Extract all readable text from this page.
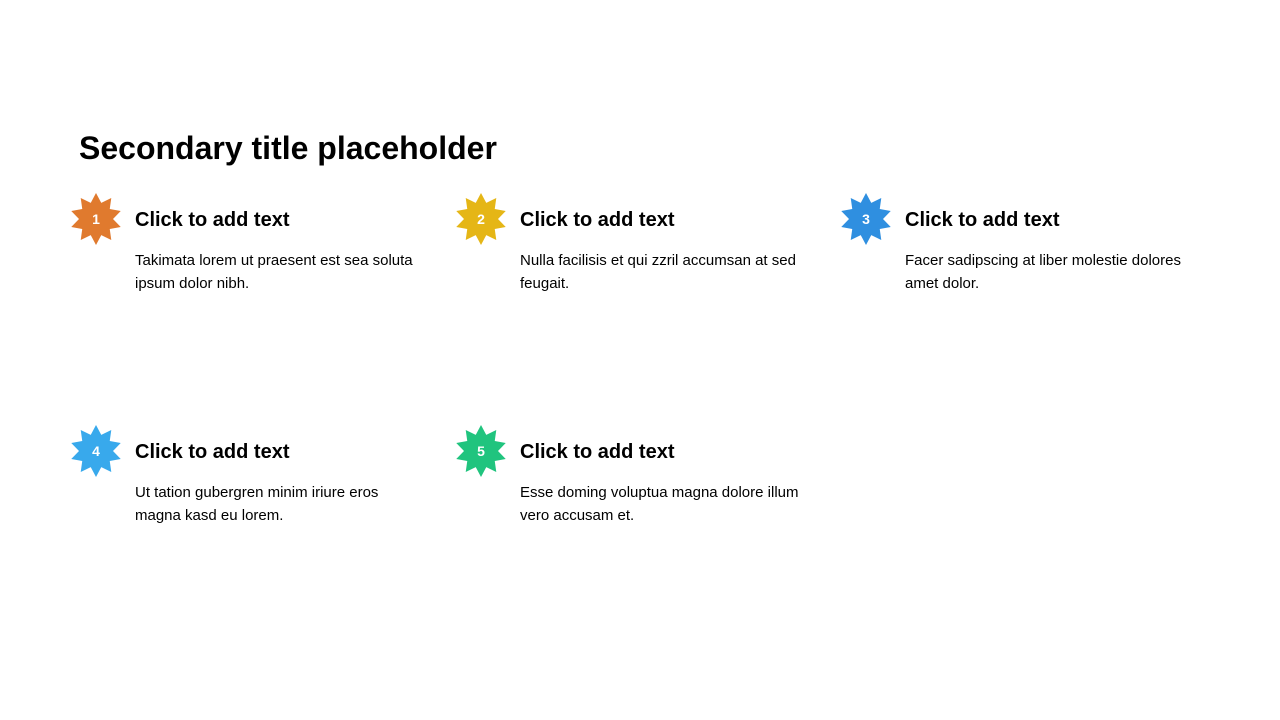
Secondary title placeholder
1	Click to add text
Takimata lorem ut praesent est sea soluta ipsum dolor nibh.
2	Click to add text
Nulla facilisis et qui zzril accumsan at sed feugait.
3	Click to add text
Facer sadipscing at liber molestie dolores amet dolor.
4	Click to add text
Ut tation gubergren minim iriure eros magna kasd eu lorem.
5	Click to add text
Esse doming voluptua magna dolore illum vero accusam et.
